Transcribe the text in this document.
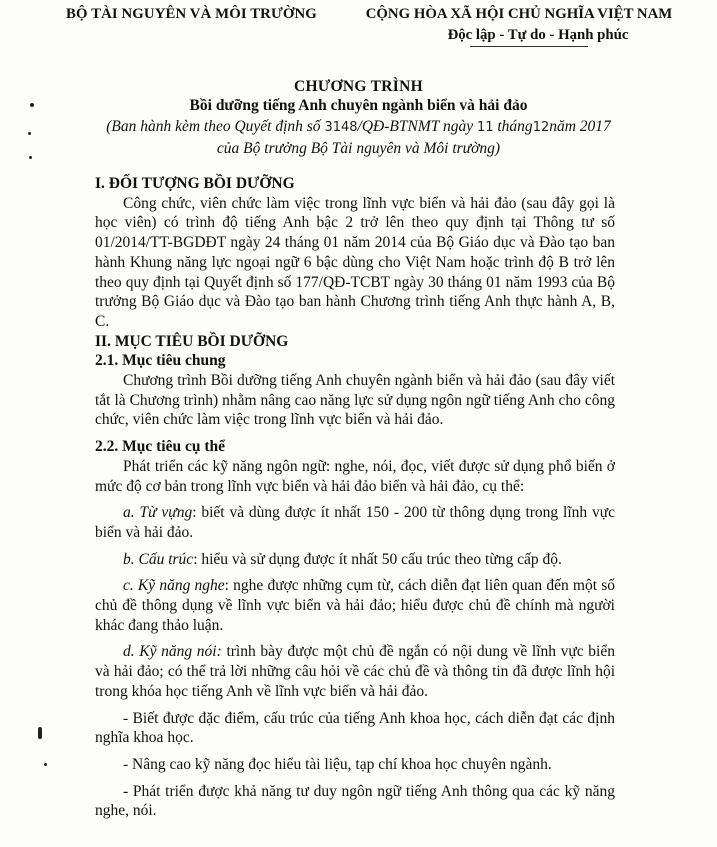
BỘ TÀI NGUYÊN VÀ MÔI TRƯỜNG	CỘNG HÒA XÃ HỘI CHỦ NGHĨA VIỆT NAM
Độc lập - Tự do - Hạnh phúc
CHƯƠNG TRÌNH
Bồi dưỡng tiếng Anh chuyên ngành biển và hải đảo
(Ban hành kèm theo Quyết định số 3148/QĐ-BTNMT ngày 11 tháng12năm 2017
của Bộ trưởng Bộ Tài nguyên và Môi trường)

I. ĐỐI TƯỢNG BỒI DƯỠNG

Công chức, viên chức làm việc trong lĩnh vực biển và hải đảo (sau đây gọi là học viên) có trình độ tiếng Anh bậc 2 trở lên theo quy định tại Thông tư số 01/2014/TT-BGDĐT ngày 24 tháng 01 năm 2014 của Bộ Giáo dục và Đào tạo ban hành Khung năng lực ngoại ngữ 6 bậc dùng cho Việt Nam hoặc trình độ B trở lên theo quy định tại Quyết định số 177/QĐ-TCBT ngày 30 tháng 01 năm 1993 của Bộ trưởng Bộ Giáo dục và Đào tạo ban hành Chương trình tiếng Anh thực hành A, B, C.

II. MỤC TIÊU BỒI DƯỠNG

2.1. Mục tiêu chung

Chương trình Bồi dưỡng tiếng Anh chuyên ngành biển và hải đảo (sau đây viết tắt là Chương trình) nhằm nâng cao năng lực sử dụng ngôn ngữ tiếng Anh cho công chức, viên chức làm việc trong lĩnh vực biển và hải đảo.

2.2. Mục tiêu cụ thể

Phát triển các kỹ năng ngôn ngữ: nghe, nói, đọc, viết được sử dụng phổ biến ở mức độ cơ bản trong lĩnh vực biển và hải đảo biển và hải đảo, cụ thể:

a. Từ vựng: biết và dùng được ít nhất 150 - 200 từ thông dụng trong lĩnh vực biển và hải đảo.

b. Cấu trúc: hiểu và sử dụng được ít nhất 50 cấu trúc theo từng cấp độ.

c. Kỹ năng nghe: nghe được những cụm từ, cách diễn đạt liên quan đến một số chủ đề thông dụng về lĩnh vực biển và hải đảo; hiểu được chủ đề chính mà người khác đang thảo luận.

d. Kỹ năng nói: trình bày được một chủ đề ngắn có nội dung về lĩnh vực biển và hải đảo; có thể trả lời những câu hỏi về các chủ đề và thông tin đã được lĩnh hội trong khóa học tiếng Anh về lĩnh vực biển và hải đảo.

- Biết được đặc điểm, cấu trúc của tiếng Anh khoa học, cách diễn đạt các định nghĩa khoa học.

- Nâng cao kỹ năng đọc hiểu tài liệu, tạp chí khoa học chuyên ngành.

- Phát triển được khả năng tư duy ngôn ngữ tiếng Anh thông qua các kỹ năng nghe, nói.
